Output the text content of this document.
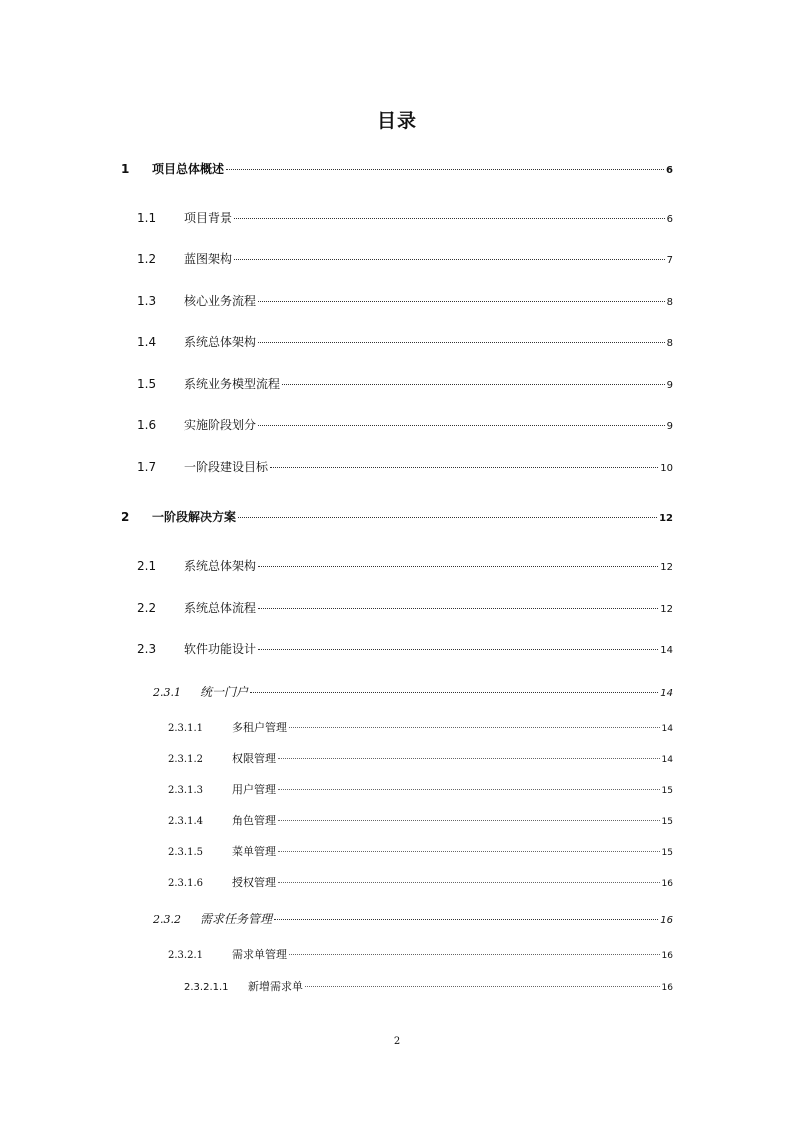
目录
1	项目总体概述	6
1.1	项目背景	6
1.2	蓝图架构	7
1.3	核心业务流程	8
1.4	系统总体架构	8
1.5	系统业务模型流程	9
1.6	实施阶段划分	9
1.7	一阶段建设目标	10
2	一阶段解决方案	12
2.1	系统总体架构	12
2.2	系统总体流程	12
2.3	软件功能设计	14
2.3.1	统一门户	14
2.3.1.1	多租户管理	14
2.3.1.2	权限管理	14
2.3.1.3	用户管理	15
2.3.1.4	角色管理	15
2.3.1.5	菜单管理	15
2.3.1.6	授权管理	16
2.3.2	需求任务管理	16
2.3.2.1	需求单管理	16
2.3.2.1.1	新增需求单	16
2
